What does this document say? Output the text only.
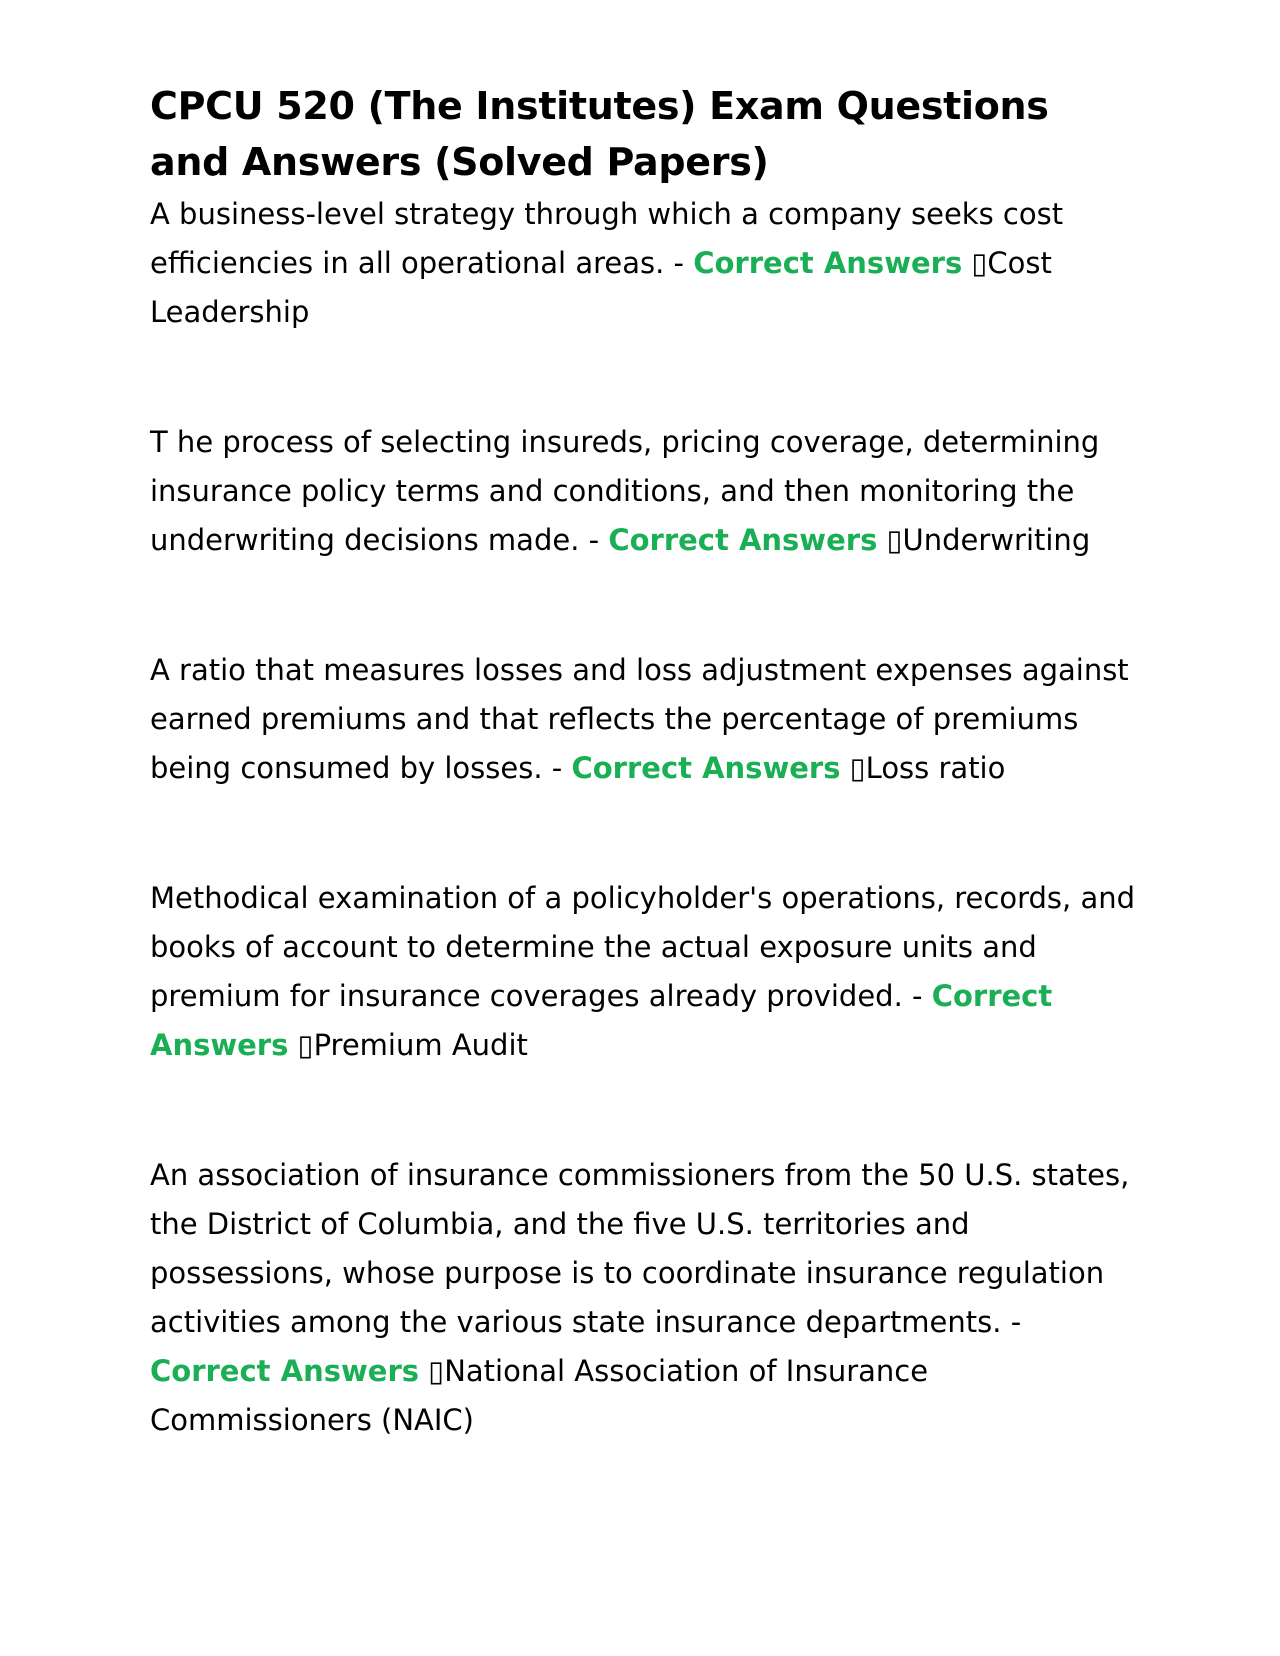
CPCU 520 (The Institutes) Exam Questions and Answers (Solved Papers)

A business-level strategy through which a company seeks cost efficiencies in all operational areas. - Correct Answers ▯Cost Leadership

T he process of selecting insureds, pricing coverage, determining insurance policy terms and conditions, and then monitoring the underwriting decisions made. - Correct Answers ▯Underwriting

A ratio that measures losses and loss adjustment expenses against earned premiums and that reflects the percentage of premiums being consumed by losses. - Correct Answers ▯Loss ratio

Methodical examination of a policyholder's operations, records, and books of account to determine the actual exposure units and premium for insurance coverages already provided. - Correct Answers ▯Premium Audit

An association of insurance commissioners from the 50 U.S. states, the District of Columbia, and the five U.S. territories and possessions, whose purpose is to coordinate insurance regulation activities among the various state insurance departments. - Correct Answers ▯National Association of Insurance Commissioners (NAIC)
